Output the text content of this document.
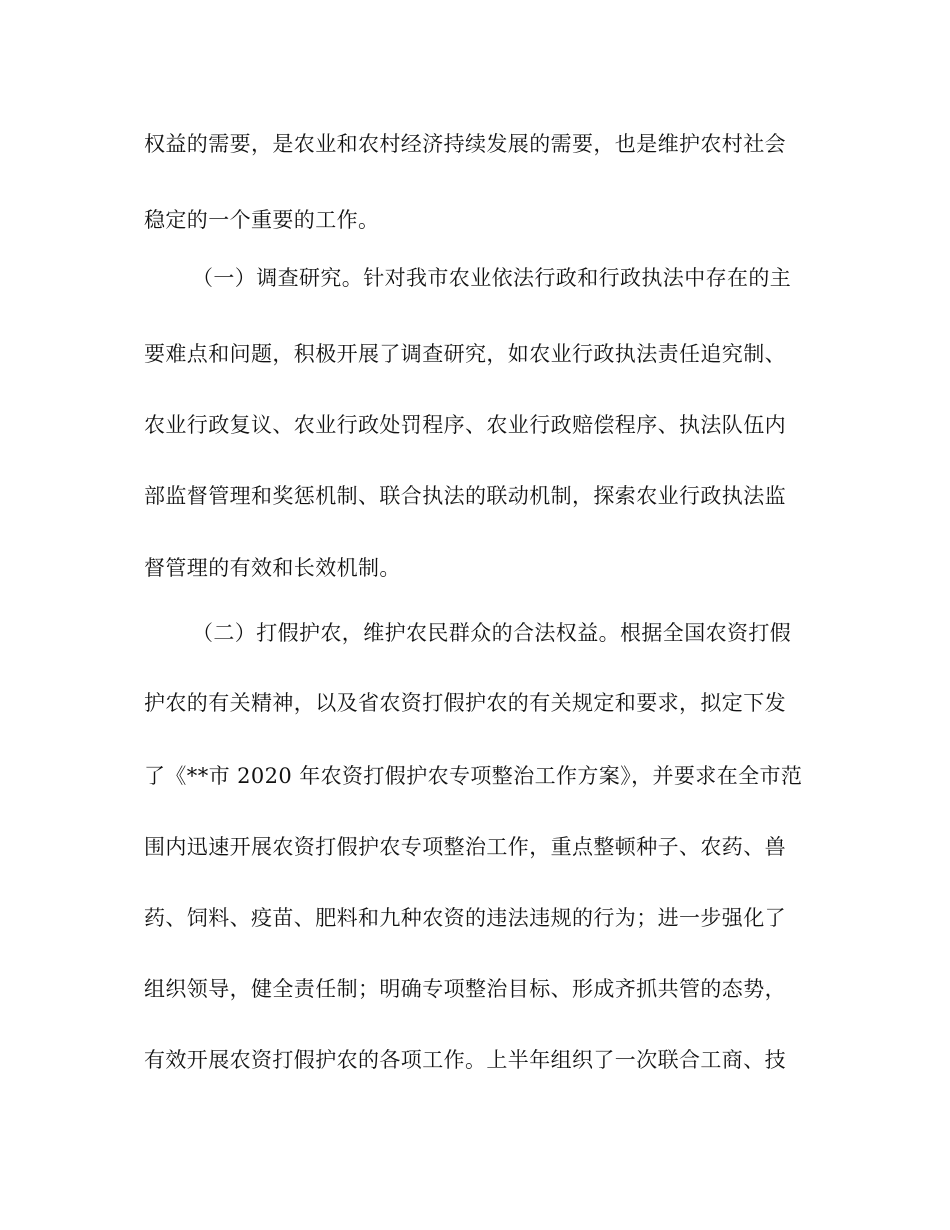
权益的需要，是农业和农村经济持续发展的需要，也是维护农村社会
稳定的一个重要的工作。
（一）调查研究。针对我市农业依法行政和行政执法中存在的主
要难点和问题，积极开展了调查研究，如农业行政执法责任追究制、
农业行政复议、农业行政处罚程序、农业行政赔偿程序、执法队伍内
部监督管理和奖惩机制、联合执法的联动机制，探索农业行政执法监
督管理的有效和长效机制。
（二）打假护农，维护农民群众的合法权益。根据全国农资打假
护农的有关精神，以及省农资打假护农的有关规定和要求，拟定下发
了《**市 2020 年农资打假护农专项整治工作方案》，并要求在全市范
围内迅速开展农资打假护农专项整治工作，重点整顿种子、农药、兽
药、饲料、疫苗、肥料和九种农资的违法违规的行为；进一步强化了
组织领导，健全责任制；明确专项整治目标、形成齐抓共管的态势，
有效开展农资打假护农的各项工作。上半年组织了一次联合工商、技
